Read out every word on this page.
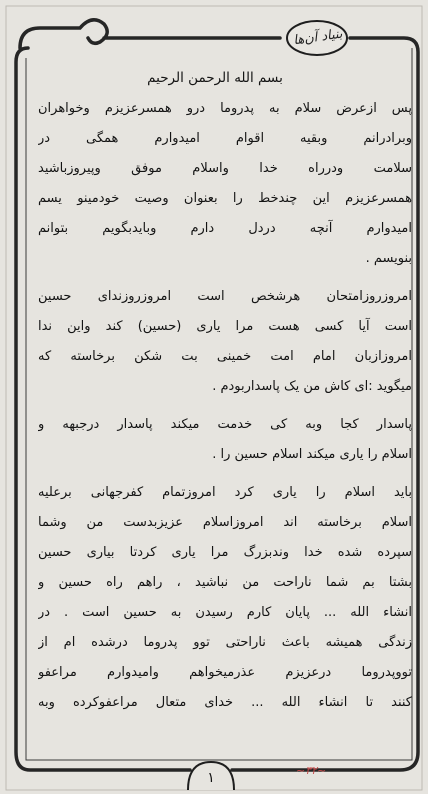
بنیاد آن‌ها
بسم الله الرحمن الرحیم
پس ازعرض سلام به پدروما درو همسرعزیزم وخواهران
وبرادرانم وبقیه اقوام امیدوارم همگی در
سلامت ودرراه خدا واسلام موفق وپیروزباشید
همسرعزیزم این چندخط را بعنوان وصیت خودمینو یسم
امیدوارم آنچه دردل دارم وبایدبگویم بتوانم
بنویسم .
امروزروزامتحان هرشخص است امروزروزندای حسین
است آیا کسی هست مرا یاری (حسین) کند واین ندا
امروزازبان امام امت خمینی بت شکن برخاسته که
میگوید :ای کاش من یک پاسداربودم .
پاسدار کجا وبه کی خدمت میکند پاسدار درجبهه و
اسلام را یاری میکند اسلام حسین را .
باید اسلام را یاری کرد امروزتمام کفرجهانی برعلیه
اسلام برخاسته اند امروزاسلام عزیزبدست من وشما
سپرده شده خدا وندبزرگ مرا یاری کردتا بیاری حسین
بشتا بم شما ناراحت من نباشید ، راهم راه حسین و
انشاء الله ... پایان کارم رسیدن به حسین است . در
زندگی همیشه باعث ناراحتی توو پدروما درشده ام از
تووپدروما درعزیزم عذرمیخواهم وامیدوارم مراعفو
کنند تا انشاء الله ... خدای متعال مراعفوکرده وبه
۱	~۳۲~
